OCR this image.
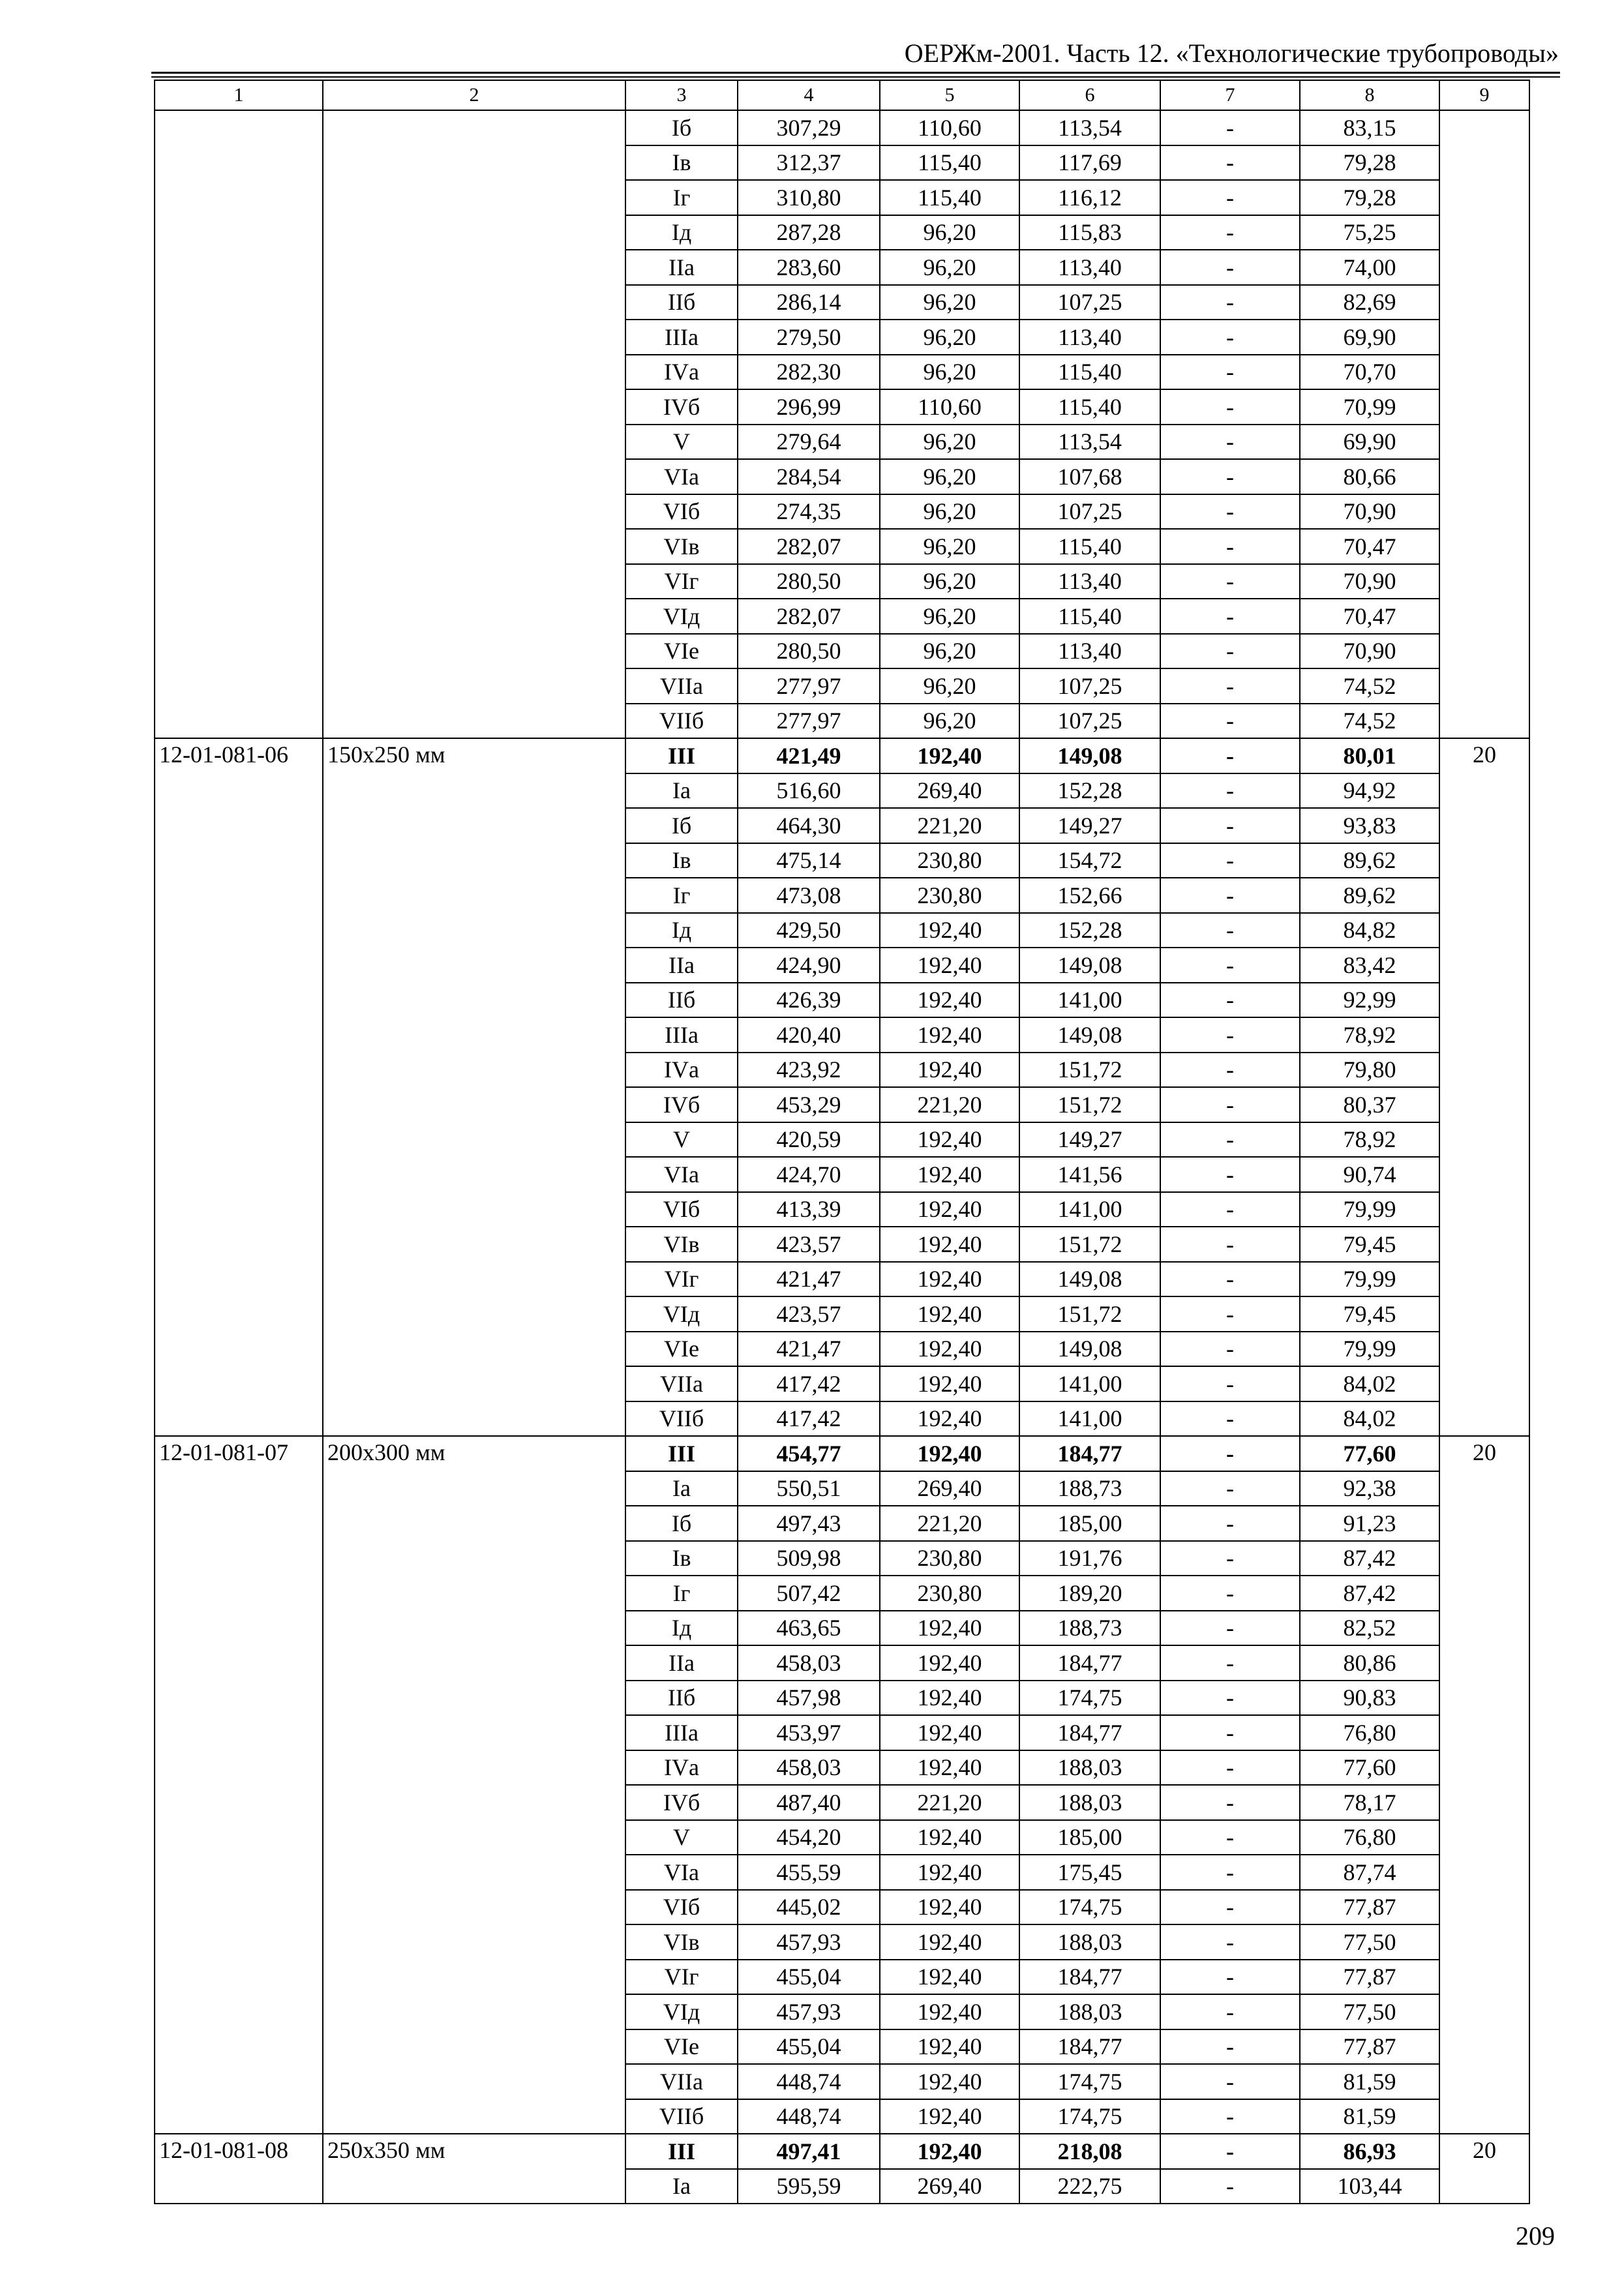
ОЕРЖм-2001. Часть 12. «Технологические трубопроводы»
1	2	3	4	5	6	7	8	9
		Iб	307,29	110,60	113,54	-	83,15	
		Iв	312,37	115,40	117,69	-	79,28	
		Iг	310,80	115,40	116,12	-	79,28	
		Iд	287,28	96,20	115,83	-	75,25	
		IIа	283,60	96,20	113,40	-	74,00	
		IIб	286,14	96,20	107,25	-	82,69	
		IIIа	279,50	96,20	113,40	-	69,90	
		IVа	282,30	96,20	115,40	-	70,70	
		IVб	296,99	110,60	115,40	-	70,99	
		V	279,64	96,20	113,54	-	69,90	
		VIа	284,54	96,20	107,68	-	80,66	
		VIб	274,35	96,20	107,25	-	70,90	
		VIв	282,07	96,20	115,40	-	70,47	
		VIг	280,50	96,20	113,40	-	70,90	
		VIд	282,07	96,20	115,40	-	70,47	
		VIе	280,50	96,20	113,40	-	70,90	
		VIIа	277,97	96,20	107,25	-	74,52	
		VIIб	277,97	96,20	107,25	-	74,52	
12-01-081-06	150x250 мм	III	421,49	192,40	149,08	-	80,01	20
		Iа	516,60	269,40	152,28	-	94,92	
		Iб	464,30	221,20	149,27	-	93,83	
		Iв	475,14	230,80	154,72	-	89,62	
		Iг	473,08	230,80	152,66	-	89,62	
		Iд	429,50	192,40	152,28	-	84,82	
		IIа	424,90	192,40	149,08	-	83,42	
		IIб	426,39	192,40	141,00	-	92,99	
		IIIа	420,40	192,40	149,08	-	78,92	
		IVа	423,92	192,40	151,72	-	79,80	
		IVб	453,29	221,20	151,72	-	80,37	
		V	420,59	192,40	149,27	-	78,92	
		VIа	424,70	192,40	141,56	-	90,74	
		VIб	413,39	192,40	141,00	-	79,99	
		VIв	423,57	192,40	151,72	-	79,45	
		VIг	421,47	192,40	149,08	-	79,99	
		VIд	423,57	192,40	151,72	-	79,45	
		VIе	421,47	192,40	149,08	-	79,99	
		VIIа	417,42	192,40	141,00	-	84,02	
		VIIб	417,42	192,40	141,00	-	84,02	
12-01-081-07	200x300 мм	III	454,77	192,40	184,77	-	77,60	20
		Iа	550,51	269,40	188,73	-	92,38	
		Iб	497,43	221,20	185,00	-	91,23	
		Iв	509,98	230,80	191,76	-	87,42	
		Iг	507,42	230,80	189,20	-	87,42	
		Iд	463,65	192,40	188,73	-	82,52	
		IIа	458,03	192,40	184,77	-	80,86	
		IIб	457,98	192,40	174,75	-	90,83	
		IIIа	453,97	192,40	184,77	-	76,80	
		IVа	458,03	192,40	188,03	-	77,60	
		IVб	487,40	221,20	188,03	-	78,17	
		V	454,20	192,40	185,00	-	76,80	
		VIа	455,59	192,40	175,45	-	87,74	
		VIб	445,02	192,40	174,75	-	77,87	
		VIв	457,93	192,40	188,03	-	77,50	
		VIг	455,04	192,40	184,77	-	77,87	
		VIд	457,93	192,40	188,03	-	77,50	
		VIе	455,04	192,40	184,77	-	77,87	
		VIIа	448,74	192,40	174,75	-	81,59	
		VIIб	448,74	192,40	174,75	-	81,59	
12-01-081-08	250x350 мм	III	497,41	192,40	218,08	-	86,93	20
		Iа	595,59	269,40	222,75	-	103,44	
209
